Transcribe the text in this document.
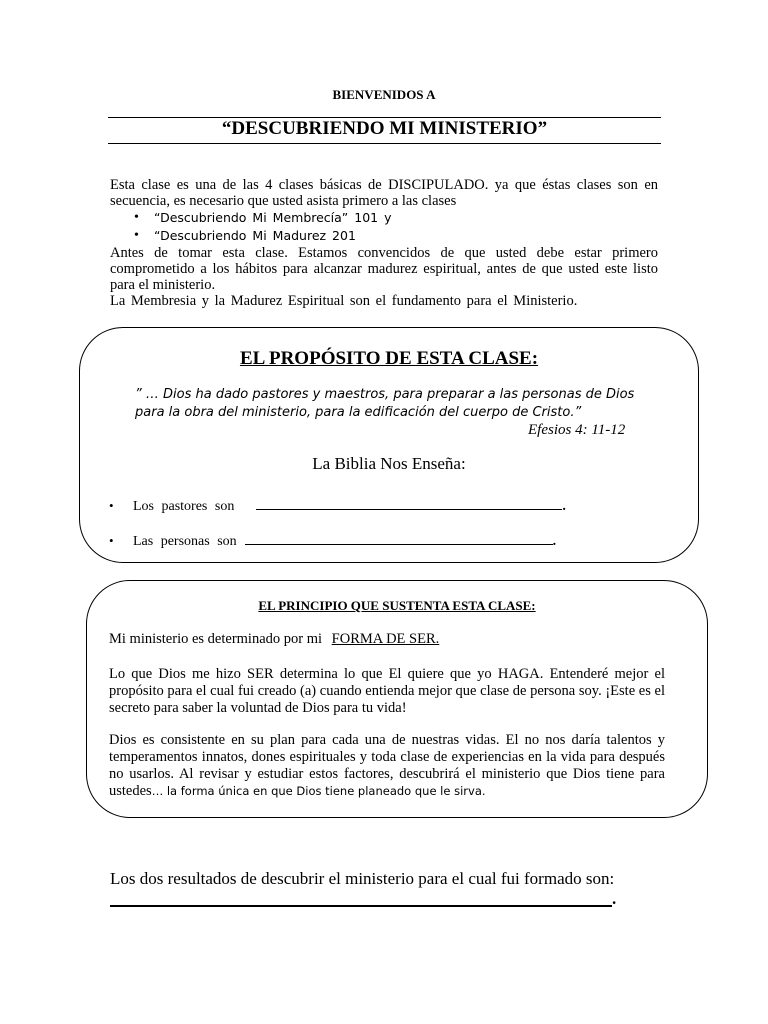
BIENVENIDOS A
“DESCUBRIENDO MI MINISTERIO”

Esta clase es una de las 4 clases básicas de DISCIPULADO. ya que éstas clases son en secuencia, es necesario que usted asista primero a las clases

• “Descubriendo Mi Membrecía” 101 y
• “Descubriendo Mi Madurez 201

Antes de tomar esta clase. Estamos convencidos de que usted debe estar primero comprometido a los hábitos para alcanzar madurez espiritual, antes de que usted este listo para el ministerio.

La Membresia y la Madurez Espiritual son el fundamento para el Ministerio.

EL PROPÓSITO DE ESTA CLASE:
” … Dios ha dado pastores y maestros, para preparar a las personas de Dios para la obra del ministerio, para la edificación del cuerpo de Cristo.”
Efesios 4: 11-12
La Biblia Nos Enseña:
•	Los pastores son	.
•	Las personas son	.
EL PRINCIPIO QUE SUSTENTA ESTA CLASE:
Mi ministerio es determinado por mi FORMA DE SER.
Lo que Dios me hizo SER determina lo que El quiere que yo HAGA. Entenderé mejor el propósito para el cual fui creado (a) cuando entienda mejor que clase de persona soy. ¡Este es el secreto para saber la voluntad de Dios para tu vida!
Dios es consistente en su plan para cada una de nuestras vidas. El no nos daría talentos y temperamentos innatos, dones espirituales y toda clase de experiencias en la vida para después no usarlos. Al revisar y estudiar estos factores, descubrirá el ministerio que Dios tiene para ustedes… la forma única en que Dios tiene planeado que le sirva.
Los dos resultados de descubrir el ministerio para el cual fui formado son:
.
